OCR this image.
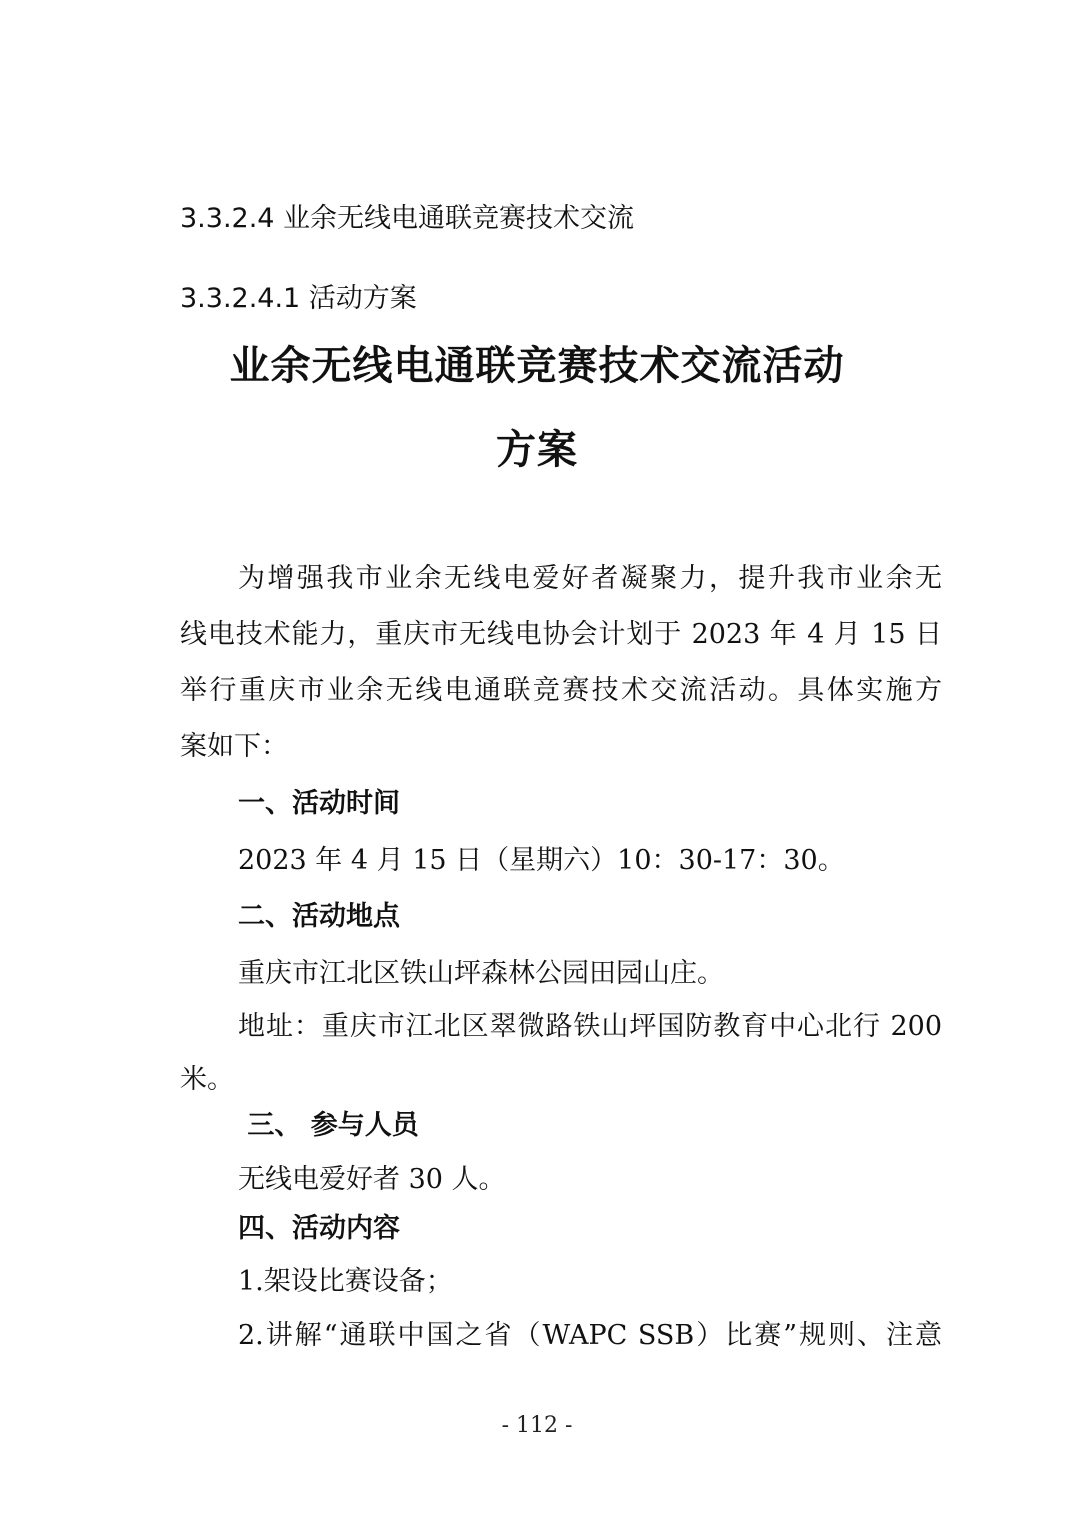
3.3.2.4 业余无线电通联竞赛技术交流
3.3.2.4.1 活动方案
业余无线电通联竞赛技术交流活动
方案
为增强我市业余无线电爱好者凝聚力，提升我市业余无
线电技术能力，重庆市无线电协会计划于 2023 年 4 月 15 日
举行重庆市业余无线电通联竞赛技术交流活动。具体实施方
案如下：
一、活动时间
2023 年 4 月 15 日（星期六）10：30-17：30。
二、活动地点
重庆市江北区铁山坪森林公园田园山庄。
地址：重庆市江北区翠微路铁山坪国防教育中心北行 200
米。
三、 参与人员
无线电爱好者 30 人。
四、活动内容
1.架设比赛设备；
2.讲解“通联中国之省（WAPC SSB）比赛”规则、注意
- 112 -
